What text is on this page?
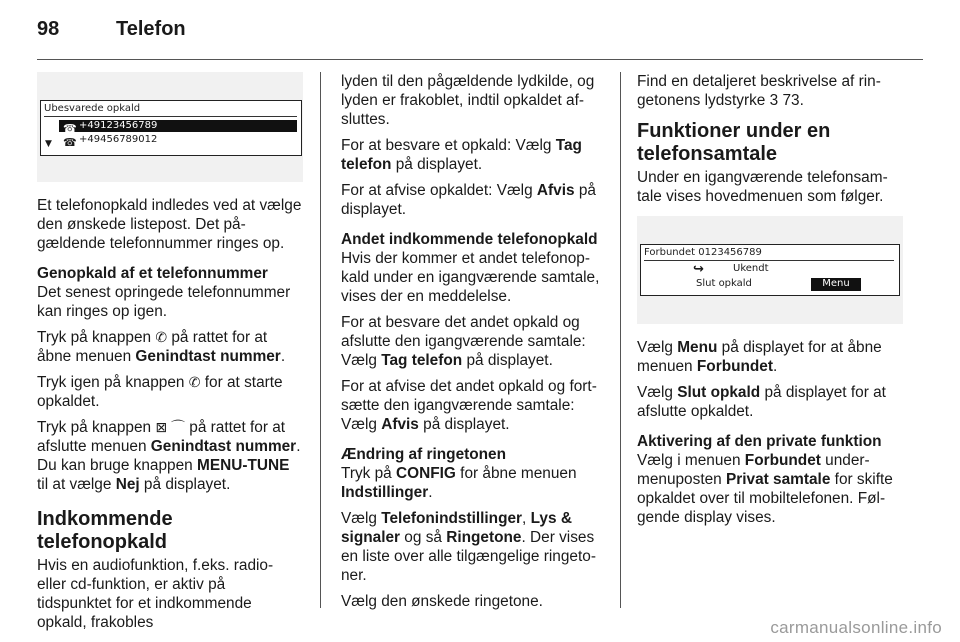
98	Telefon
Ubesvarede opkald
☎ +49123456789
▼ ☎ +49456789012

Et telefonopkald indledes ved at vælge den ønskede listepost. Det pågældende telefonnummer ringes op.

Genopkald af et telefonnummer

Det senest opringede telefonnummer kan ringes op igen.

Tryk på knappen ✆ på rattet for at åbne menuen Genindtast nummer.

Tryk igen på knappen ✆ for at starte opkaldet.

Tryk på knappen ⊠ ⌒ på rattet for at afslutte menuen Genindtast nummer.
Du kan bruge knappen MENU-TUNE til at vælge Nej på displayet.

Indkommende telefonopkald

Hvis en audiofunktion, f.eks. radio- eller cd-funktion, er aktiv på tidspunktet for et indkommende opkald, frakobles

lyden til den pågældende lydkilde, og lyden er frakoblet, indtil opkaldet afsluttes.

For at besvare et opkald: Vælg Tag telefon på displayet.

For at afvise opkaldet: Vælg Afvis på displayet.

Andet indkommende telefonopkald

Hvis der kommer et andet telefonopkald under en igangværende samtale, vises der en meddelelse.

For at besvare det andet opkald og afslutte den igangværende samtale: Vælg Tag telefon på displayet.

For at afvise det andet opkald og fortsætte den igangværende samtale: Vælg Afvis på displayet.

Ændring af ringetonen

Tryk på CONFIG for åbne menuen Indstillinger.

Vælg Telefonindstillinger, Lys & signaler og så Ringetone. Der vises en liste over alle tilgængelige ringetoner.

Vælg den ønskede ringetone.

Find en detaljeret beskrivelse af ringetonens lydstyrke 3 73.

Funktioner under en telefonsamtale

Under en igangværende telefonsamtale vises hovedmenuen som følger.

Forbundet 0123456789
↪	Ukendt
Slut opkald	Menu

Vælg Menu på displayet for at åbne menuen Forbundet.

Vælg Slut opkald på displayet for at afslutte opkaldet.

Aktivering af den private funktion

Vælg i menuen Forbundet undermenuposten Privat samtale for skifte opkaldet over til mobiltelefonen. Følgende display vises.

carmanualsonline.info
